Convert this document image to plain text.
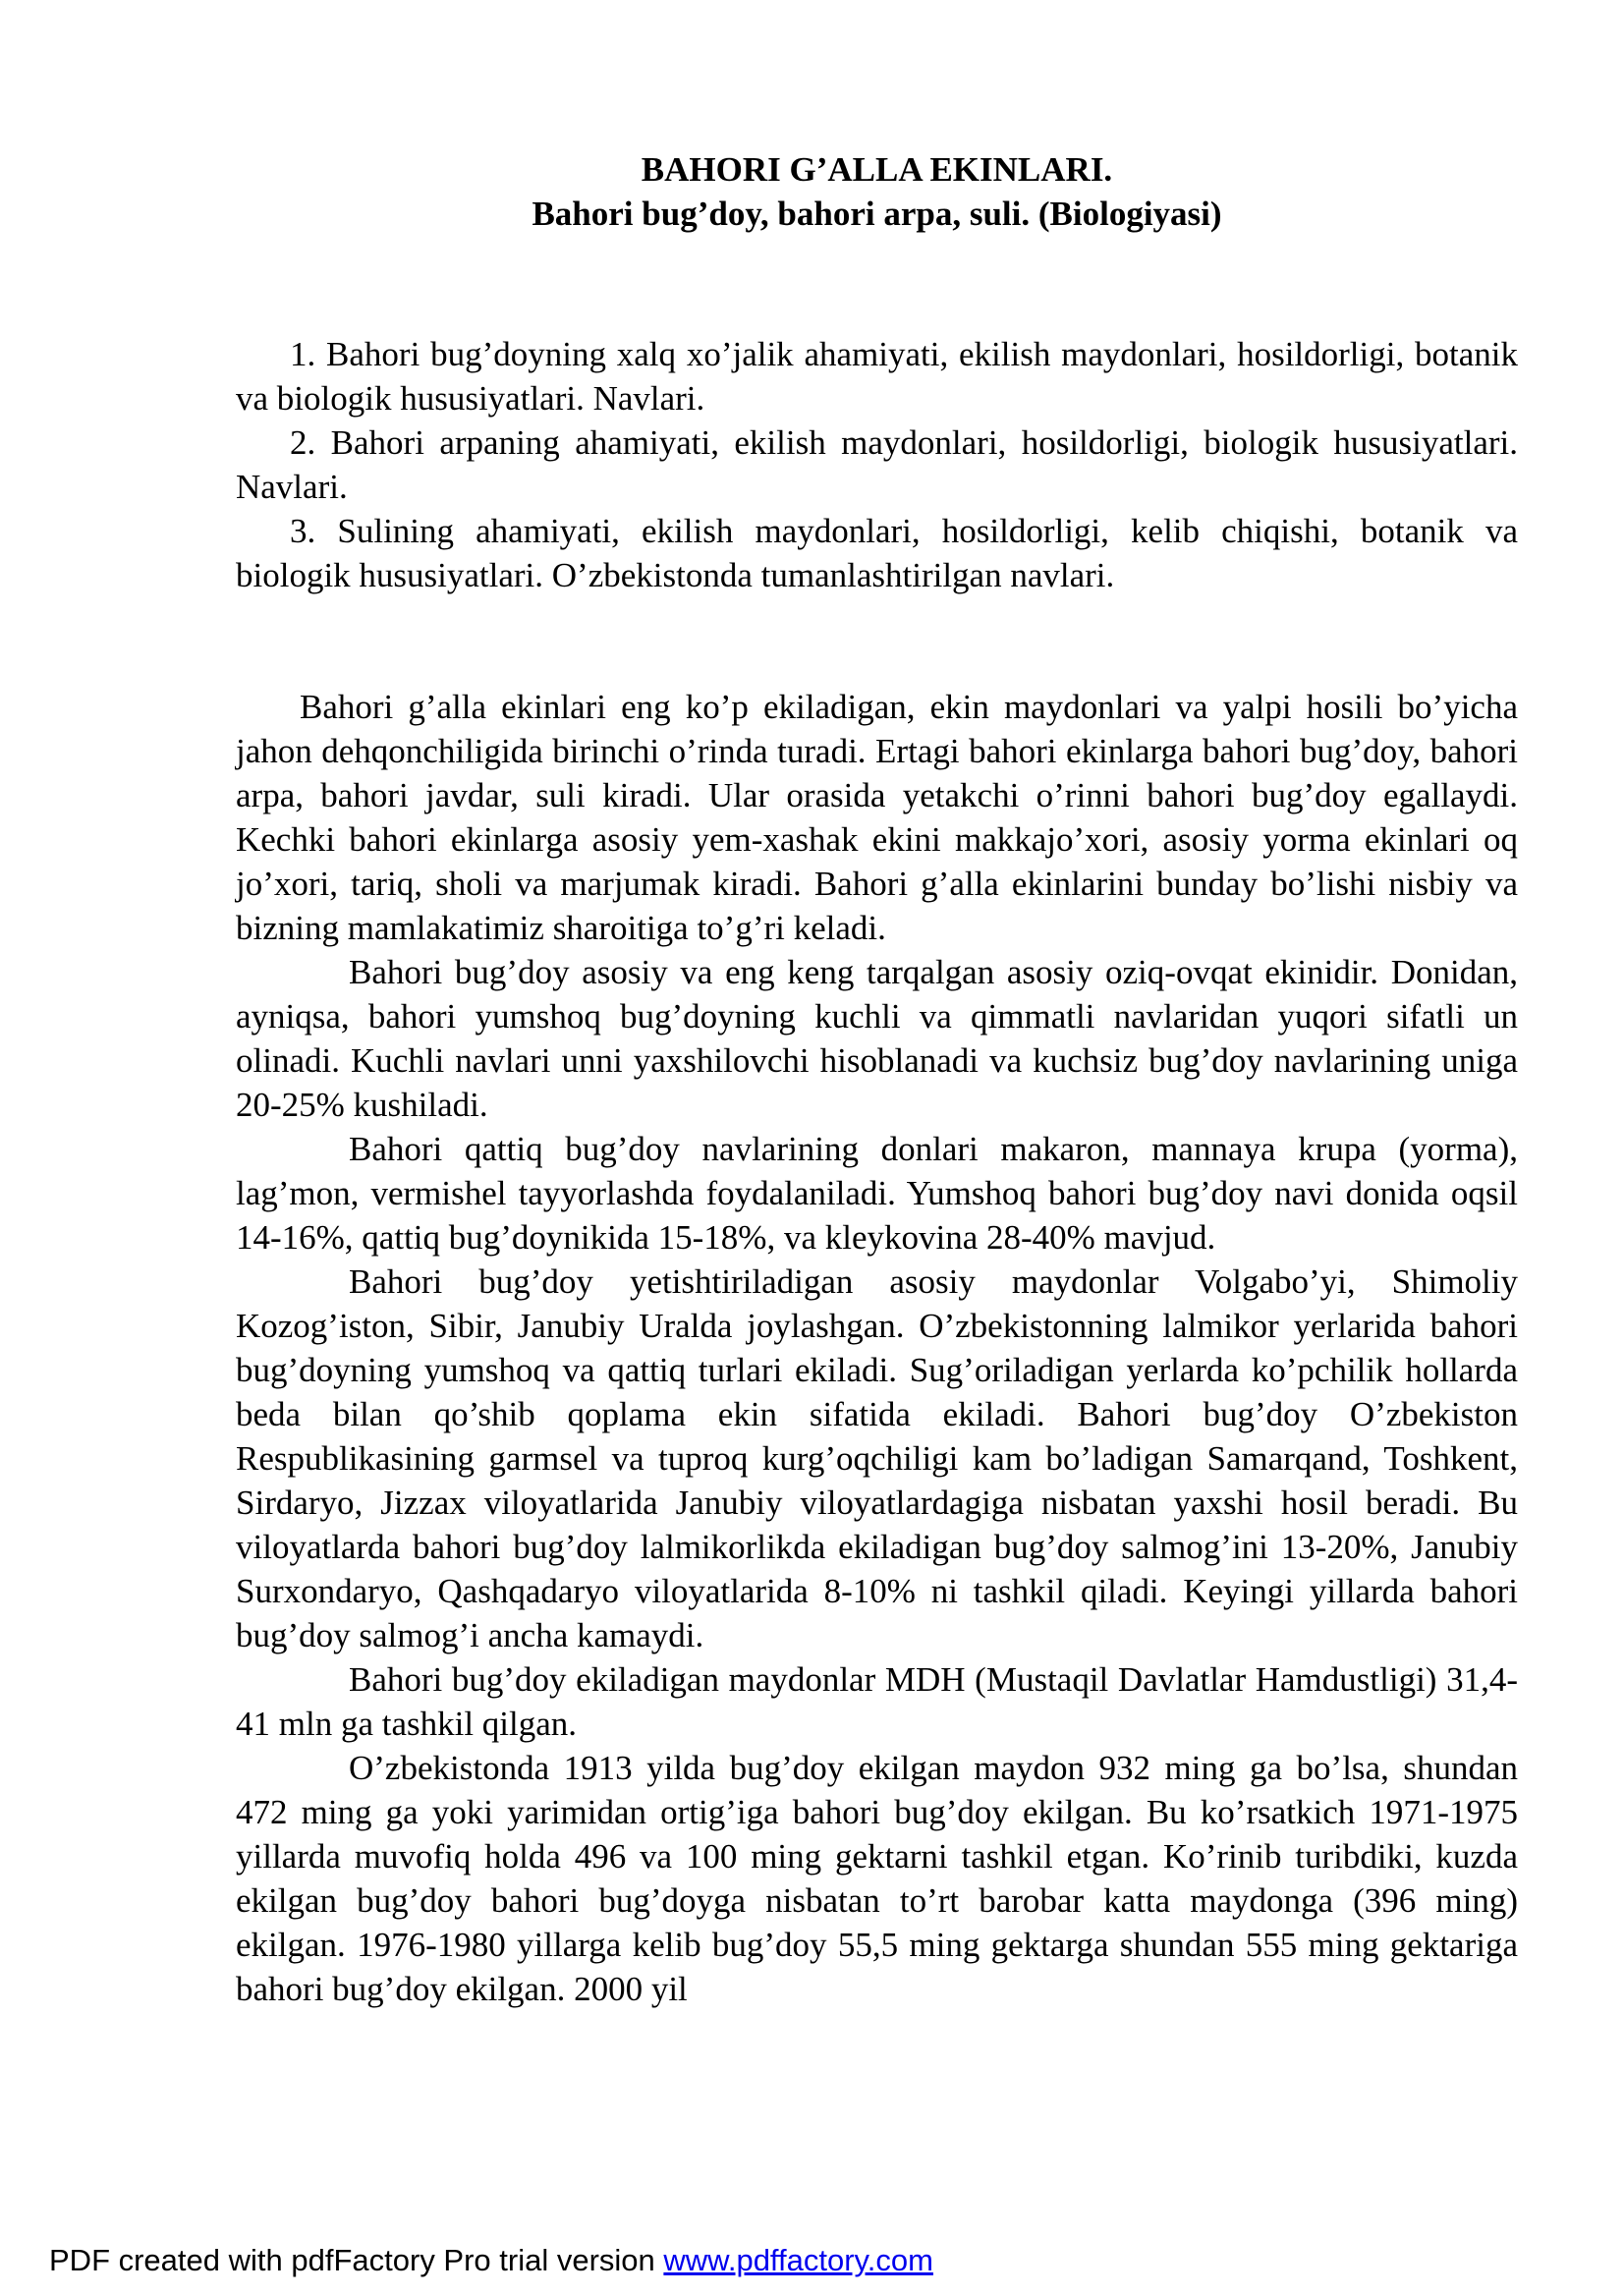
BAHORI G’ALLA EKINLARI.
Bahori bug’doy, bahori arpa, suli. (Biologiyasi)

1. Bahori bug’doyning xalq xo’jalik ahamiyati, ekilish maydonlari, hosildorligi, botanik va biologik hususiyatlari. Navlari.

2. Bahori arpaning ahamiyati, ekilish maydonlari, hosildorligi, biologik hususiyatlari. Navlari.

3. Sulining ahamiyati, ekilish maydonlari, hosildorligi, kelib chiqishi, botanik va biologik hususiyatlari. O’zbekistonda tumanlashtirilgan navlari.

Bahori g’alla ekinlari eng ko’p ekiladigan, ekin maydonlari va yalpi hosili bo’yicha jahon dehqonchiligida birinchi o’rinda turadi. Ertagi bahori ekinlarga bahori bug’doy, bahori arpa, bahori javdar, suli kiradi. Ular orasida yetakchi o’rinni bahori bug’doy egallaydi. Kechki bahori ekinlarga asosiy yem-xashak ekini makkajo’xori, asosiy yorma ekinlari oq jo’xori, tariq, sholi va marjumak kiradi. Bahori g’alla ekinlarini bunday bo’lishi nisbiy va bizning mamlakatimiz sharoitiga to’g’ri keladi.

Bahori bug’doy asosiy va eng keng tarqalgan asosiy oziq-ovqat ekinidir. Donidan, ayniqsa, bahori yumshoq bug’doyning kuchli va qimmatli navlaridan yuqori sifatli un olinadi. Kuchli navlari unni yaxshilovchi hisoblanadi va kuchsiz bug’doy navlarining uniga 20-25% kushiladi.

Bahori qattiq bug’doy navlarining donlari makaron, mannaya krupa (yorma), lag’mon, vermishel tayyorlashda foydalaniladi. Yumshoq bahori bug’doy navi donida oqsil 14-16%, qattiq bug’doynikida 15-18%, va kleykovina 28-40% mavjud.

Bahori bug’doy yetishtiriladigan asosiy maydonlar Volgabo’yi, Shimoliy Kozog’iston, Sibir, Janubiy Uralda joylashgan. O’zbekistonning lalmikor yerlarida bahori bug’doyning yumshoq va qattiq turlari ekiladi. Sug’oriladigan yerlarda ko’pchilik hollarda beda bilan qo’shib qoplama ekin sifatida ekiladi. Bahori bug’doy O’zbekiston Respublikasining garmsel va tuproq kurg’oqchiligi kam bo’ladigan Samarqand, Toshkent, Sirdaryo, Jizzax viloyatlarida Janubiy viloyatlardagiga nisbatan yaxshi hosil beradi. Bu viloyatlarda bahori bug’doy lalmikorlikda ekiladigan bug’doy salmog’ini 13-20%, Janubiy Surxondaryo, Qashqadaryo viloyatlarida 8-10% ni tashkil qiladi. Keyingi yillarda bahori bug’doy salmog’i ancha kamaydi.

Bahori bug’doy ekiladigan maydonlar MDH (Mustaqil Davlatlar Hamdustligi) 31,4-41 mln ga tashkil qilgan.

O’zbekistonda 1913 yilda bug’doy ekilgan maydon 932 ming ga bo’lsa, shundan 472 ming ga yoki yarimidan ortig’iga bahori bug’doy ekilgan. Bu ko’rsatkich 1971-1975 yillarda muvofiq holda 496 va 100 ming gektarni tashkil etgan. Ko’rinib turibdiki, kuzda ekilgan bug’doy bahori bug’doyga nisbatan to’rt barobar katta maydonga (396 ming) ekilgan. 1976-1980 yillarga kelib bug’doy 55,5 ming gektarga shundan 555 ming gektariga bahori bug’doy ekilgan. 2000 yil

PDF created with pdfFactory Pro trial version www.pdffactory.com
